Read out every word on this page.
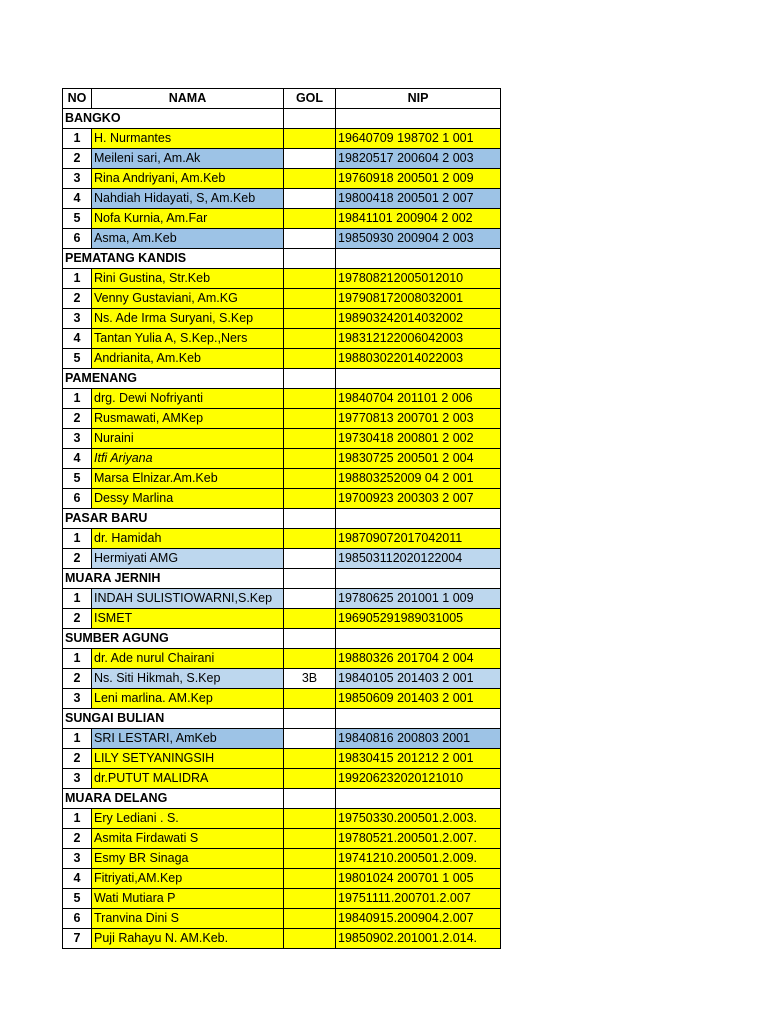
NO	NAMA	GOL	NIP
BANGKO			
1	H. Nurmantes		19640709 198702 1 001
2	Meileni sari, Am.Ak		19820517 200604 2 003
3	Rina Andriyani, Am.Keb		19760918 200501 2 009
4	Nahdiah Hidayati, S, Am.Keb		19800418 200501 2 007
5	Nofa Kurnia, Am.Far		19841101 200904 2 002
6	Asma, Am.Keb		19850930 200904 2 003
PEMATANG KANDIS			
1	Rini Gustina, Str.Keb		197808212005012010
2	Venny Gustaviani, Am.KG		197908172008032001
3	Ns. Ade Irma Suryani, S.Kep		198903242014032002
4	Tantan Yulia A, S.Kep.,Ners		198312122006042003
5	Andrianita, Am.Keb		198803022014022003
PAMENANG			
1	drg. Dewi Nofriyanti		19840704 201101 2 006
2	Rusmawati, AMKep		19770813 200701 2 003
3	Nuraini		19730418 200801 2 002
4	Itfi Ariyana		19830725 200501 2 004
5	Marsa Elnizar.Am.Keb		198803252009 04 2 001
6	Dessy Marlina		19700923 200303 2 007
PASAR BARU			
1	dr. Hamidah		198709072017042011
2	Hermiyati AMG		198503112020122004
MUARA JERNIH			
1	INDAH SULISTIOWARNI,S.Kep		19780625 201001 1 009
2	ISMET		196905291989031005
SUMBER AGUNG			
1	dr. Ade nurul Chairani		19880326 201704 2 004
2	Ns. Siti Hikmah, S.Kep	3B	19840105 201403 2 001
3	Leni marlina. AM.Kep		19850609 201403 2 001
SUNGAI BULIAN			
1	SRI LESTARI, AmKeb		19840816 200803 2001
2	LILY SETYANINGSIH		19830415 201212 2 001
3	dr.PUTUT MALIDRA		199206232020121010
MUARA DELANG			
1	Ery Lediani . S.		19750330.200501.2.003.
2	Asmita Firdawati S		19780521.200501.2.007.
3	Esmy BR Sinaga		19741210.200501.2.009.
4	Fitriyati,AM.Kep		19801024 200701 1 005
5	Wati Mutiara P		19751111.200701.2.007
6	Tranvina Dini S		19840915.200904.2.007
7	Puji Rahayu N. AM.Keb.		19850902.201001.2.014.
